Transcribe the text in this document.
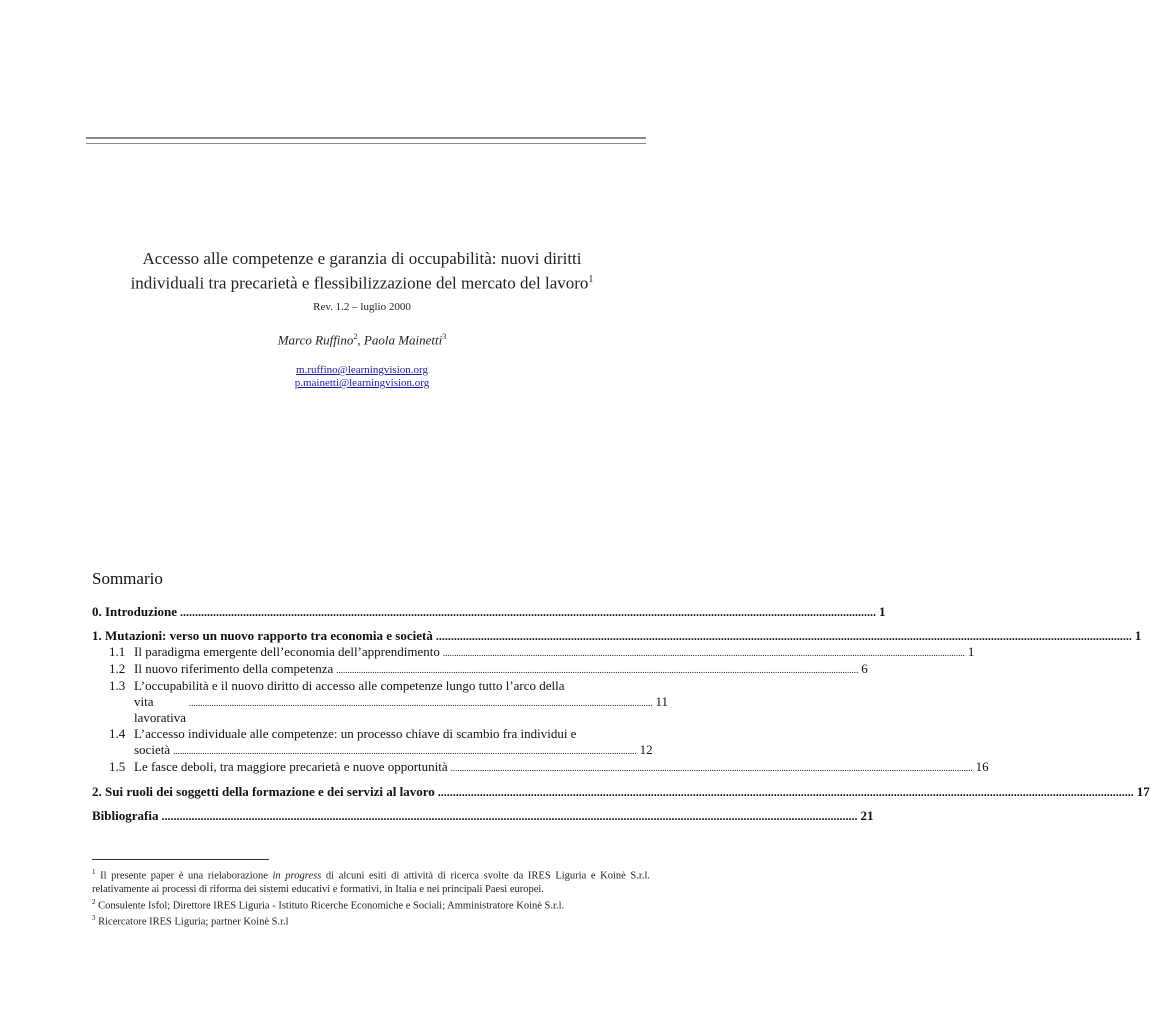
Accesso alle competenze e garanzia di occupabilità: nuovi diritti
individuali tra precarietà e flessibilizzazione del mercato del lavoro$^1$
Rev. 1.2 – luglio 2000
Marco Ruffino$^2$, Paola Mainetti$^3$
m.ruffino@learningvision.org
p.mainetti@learningvision.org
Sommario
0. Introduzione .....	1
1. Mutazioni: verso un nuovo rapporto tra economia e società .....	1
1.1 Il paradigma emergente dell’economia dell’apprendimento .....	1
1.2 Il nuovo riferimento della competenza .....	6
1.3 L’occupabilità e il nuovo diritto di accesso alle competenze lungo tutto l’arco della
vita lavorativa
.............................................................................................................................................................................................................. 11
1.4 L’accesso individuale alle competenze: un processo chiave di scambio fra individui e
società .............................................................................................................................................................................................................. 12
1.5 Le fasce deboli, tra maggiore precarietà e nuove opportunità .....	16
2. Sui ruoli dei soggetti della formazione e dei servizi al lavoro .....	17
Bibliografia .....	21

$^1$ Il presente paper è una rielaborazione in progress di alcuni esiti di attività di ricerca svolte da IRES Liguria e Koinè S.r.l. relativamente ai processi di riforma dei sistemi educativi e formativi, in Italia e nei principali Paesi europei.

$^2$ Consulente Isfol; Direttore IRES Liguria - Istituto Ricerche Economiche e Sociali; Amministratore Koinè S.r.l.

$^3$ Ricercatore IRES Liguria; partner Koinè S.r.l
